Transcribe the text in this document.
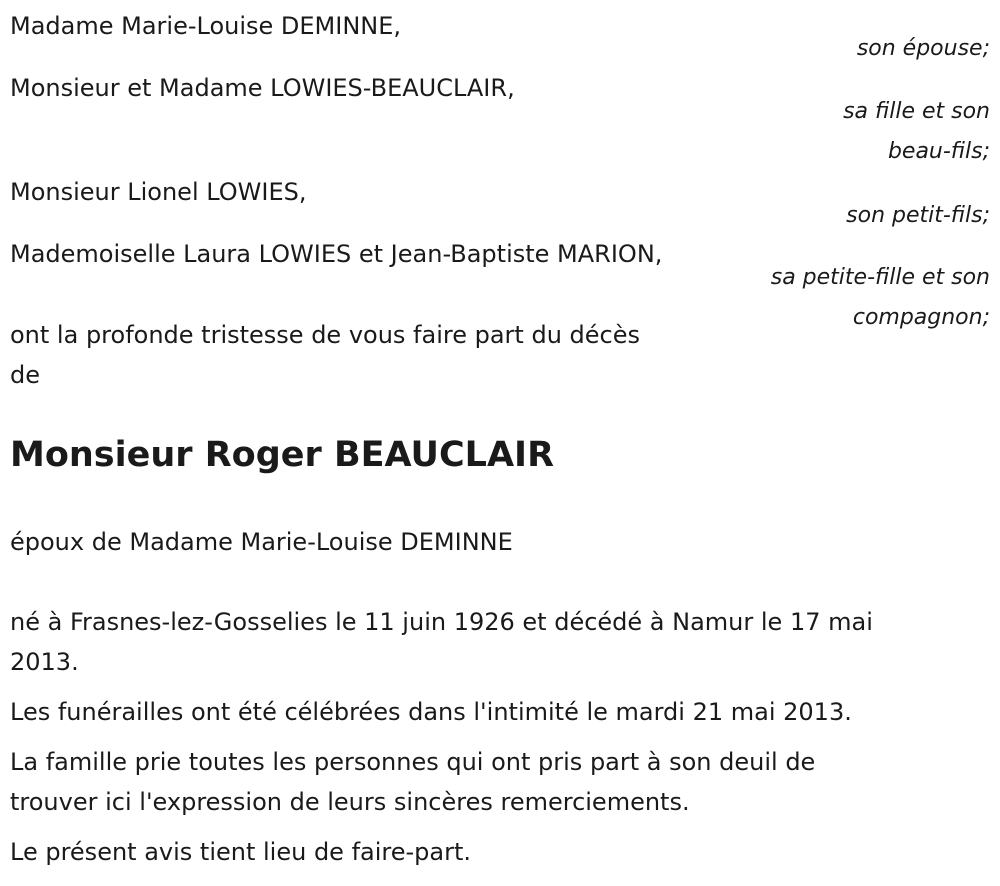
Madame Marie-Louise DEMINNE,

son épouse;

Monsieur et Madame LOWIES-BEAUCLAIR,

sa fille et son

beau-fils;

Monsieur Lionel LOWIES,

son petit-fils;

Mademoiselle Laura LOWIES et Jean-Baptiste MARION,

sa petite-fille et son

compagnon;

ont la profonde tristesse de vous faire part du décès

de

Monsieur Roger BEAUCLAIR

époux de Madame Marie-Louise DEMINNE

né à Frasnes-lez-Gosselies le 11 juin 1926 et décédé à Namur le 17 mai

2013.

Les funérailles ont été célébrées dans l'intimité le mardi 21 mai 2013.

La famille prie toutes les personnes qui ont pris part à son deuil de

trouver ici l'expression de leurs sincères remerciements.

Le présent avis tient lieu de faire-part.
